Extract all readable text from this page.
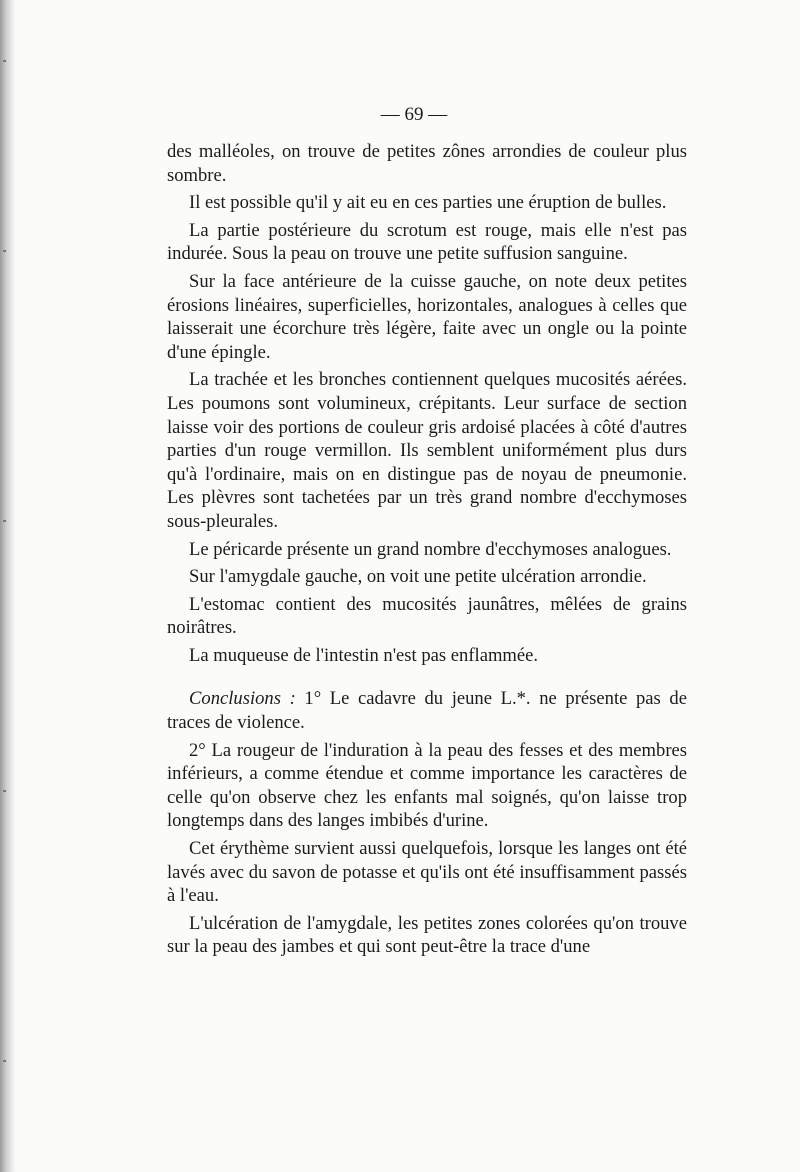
— 69 —

des malléoles, on trouve de petites zônes arrondies de couleur plus sombre.

Il est possible qu'il y ait eu en ces parties une éruption de bulles.

La partie postérieure du scrotum est rouge, mais elle n'est pas indurée. Sous la peau on trouve une petite suffusion sanguine.

Sur la face antérieure de la cuisse gauche, on note deux petites érosions linéaires, superficielles, horizontales, analogues à celles que laisserait une écorchure très légère, faite avec un ongle ou la pointe d'une épingle.

La trachée et les bronches contiennent quelques mucosités aérées. Les poumons sont volumineux, crépitants. Leur surface de section laisse voir des portions de couleur gris ardoisé placées à côté d'autres parties d'un rouge vermillon. Ils semblent uniformément plus durs qu'à l'ordinaire, mais on en distingue pas de noyau de pneumonie. Les plèvres sont tachetées par un très grand nombre d'ecchymoses sous-pleurales.

Le péricarde présente un grand nombre d'ecchymoses analogues.

Sur l'amygdale gauche, on voit une petite ulcération arrondie.

L'estomac contient des mucosités jaunâtres, mêlées de grains noirâtres.

La muqueuse de l'intestin n'est pas enflammée.

Conclusions : 1° Le cadavre du jeune L.*. ne présente pas de traces de violence.

2° La rougeur de l'induration à la peau des fesses et des membres inférieurs, a comme étendue et comme importance les caractères de celle qu'on observe chez les enfants mal soignés, qu'on laisse trop longtemps dans des langes imbibés d'urine.

Cet érythème survient aussi quelquefois, lorsque les langes ont été lavés avec du savon de potasse et qu'ils ont été insuffisamment passés à l'eau.

L'ulcération de l'amygdale, les petites zones colorées qu'on trouve sur la peau des jambes et qui sont peut-être la trace d'une
